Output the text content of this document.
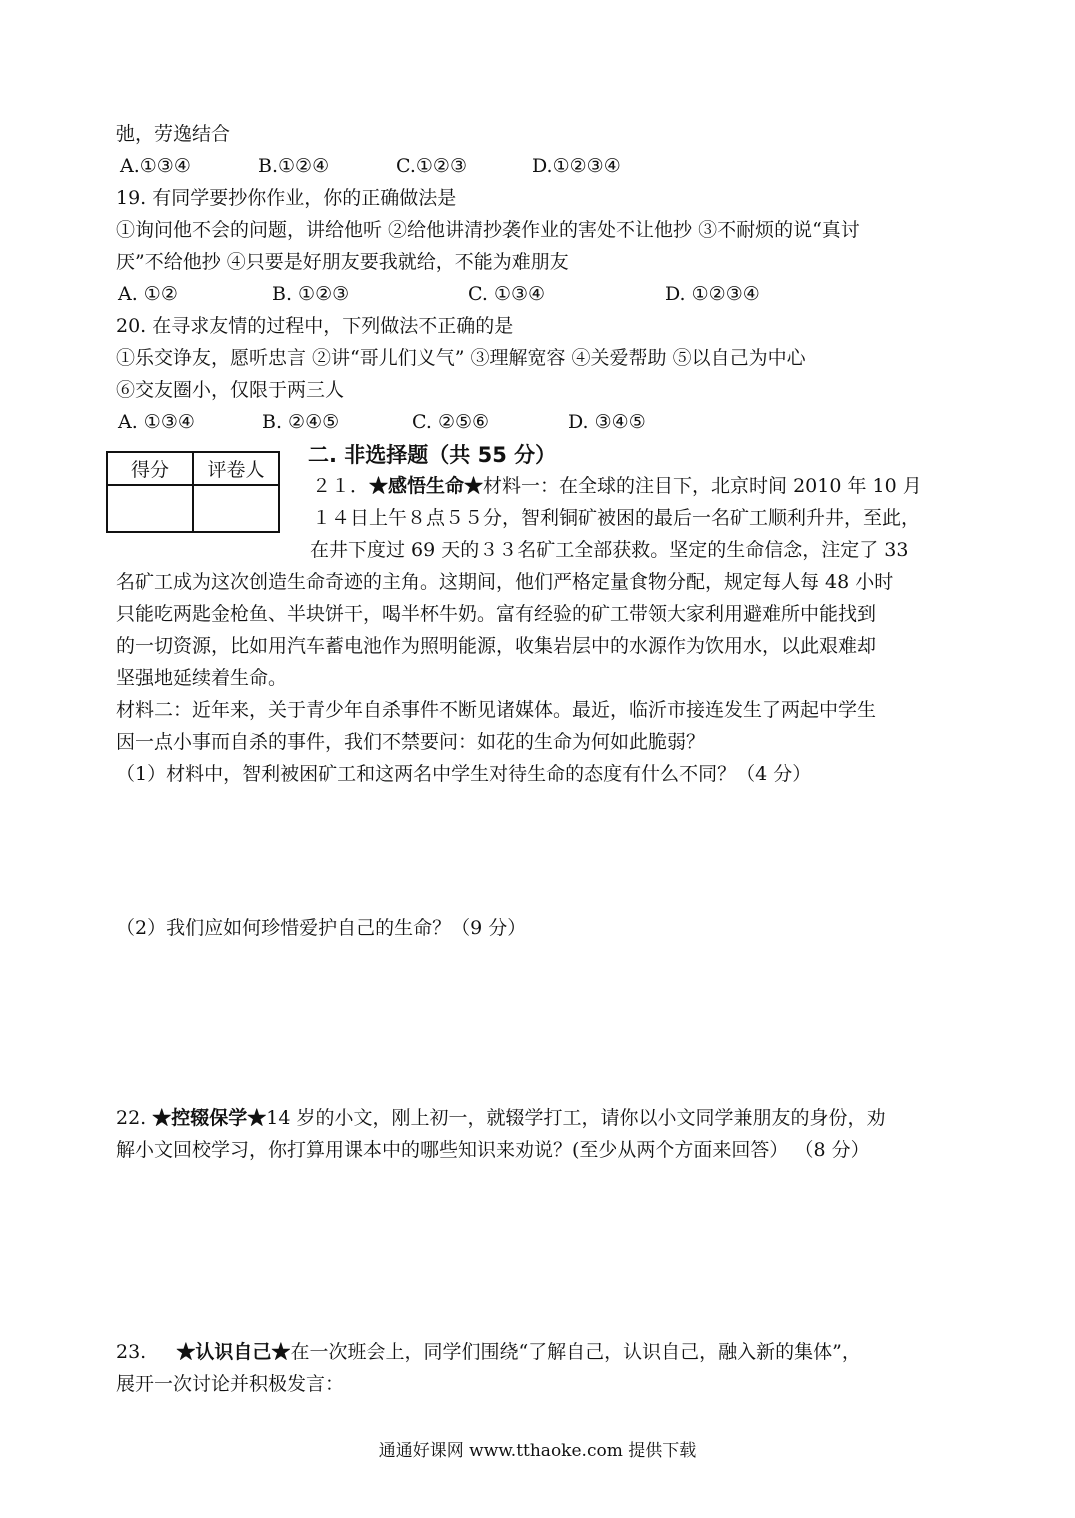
弛，劳逸结合
A.①③④	B.①②④	C.①②③	D.①②③④
19. 有同学要抄你作业，你的正确做法是
①询问他不会的问题，讲给他听 ②给他讲清抄袭作业的害处不让他抄 ③不耐烦的说“真讨
厌”不给他抄 ④只要是好朋友要我就给，不能为难朋友
A. ①②	B. ①②③	C. ①③④	D. ①②③④
20. 在寻求友情的过程中，下列做法不正确的是
①乐交诤友，愿听忠言 ②讲“哥儿们义气” ③理解宽容 ④关爱帮助 ⑤以自己为中心
⑥交友圈小，仅限于两三人
A. ①③④	B. ②④⑤	C. ②⑤⑥	D. ③④⑤
得分	评卷人

二. 非选择题（共 55 分）
２１．★感悟生命★材料一：在全球的注目下，北京时间 2010 年 10 月
１４日上午８点５５分，智利铜矿被困的最后一名矿工顺利升井，至此，
在井下度过 69 天的３３名矿工全部获救。坚定的生命信念，注定了 33
名矿工成为这次创造生命奇迹的主角。这期间，他们严格定量食物分配，规定每人每 48 小时
只能吃两匙金枪鱼、半块饼干，喝半杯牛奶。富有经验的矿工带领大家利用避难所中能找到
的一切资源，比如用汽车蓄电池作为照明能源，收集岩层中的水源作为饮用水，以此艰难却
坚强地延续着生命。
材料二：近年来，关于青少年自杀事件不断见诸媒体。最近，临沂市接连发生了两起中学生
因一点小事而自杀的事件，我们不禁要问：如花的生命为何如此脆弱？
（1）材料中，智利被困矿工和这两名中学生对待生命的态度有什么不同？（4 分）
（2）我们应如何珍惜爱护自己的生命？（9 分）
22. ★控辍保学★14 岁的小文，刚上初一，就辍学打工，请你以小文同学兼朋友的身份，劝
解小文回校学习，你打算用课本中的哪些知识来劝说？(至少从两个方面来回答） （8 分）
23.     ★认识自己★在一次班会上，同学们围绕“了解自己，认识自己，融入新的集体”，
展开一次讨论并积极发言：
通通好课网 www.tthaoke.com 提供下载
